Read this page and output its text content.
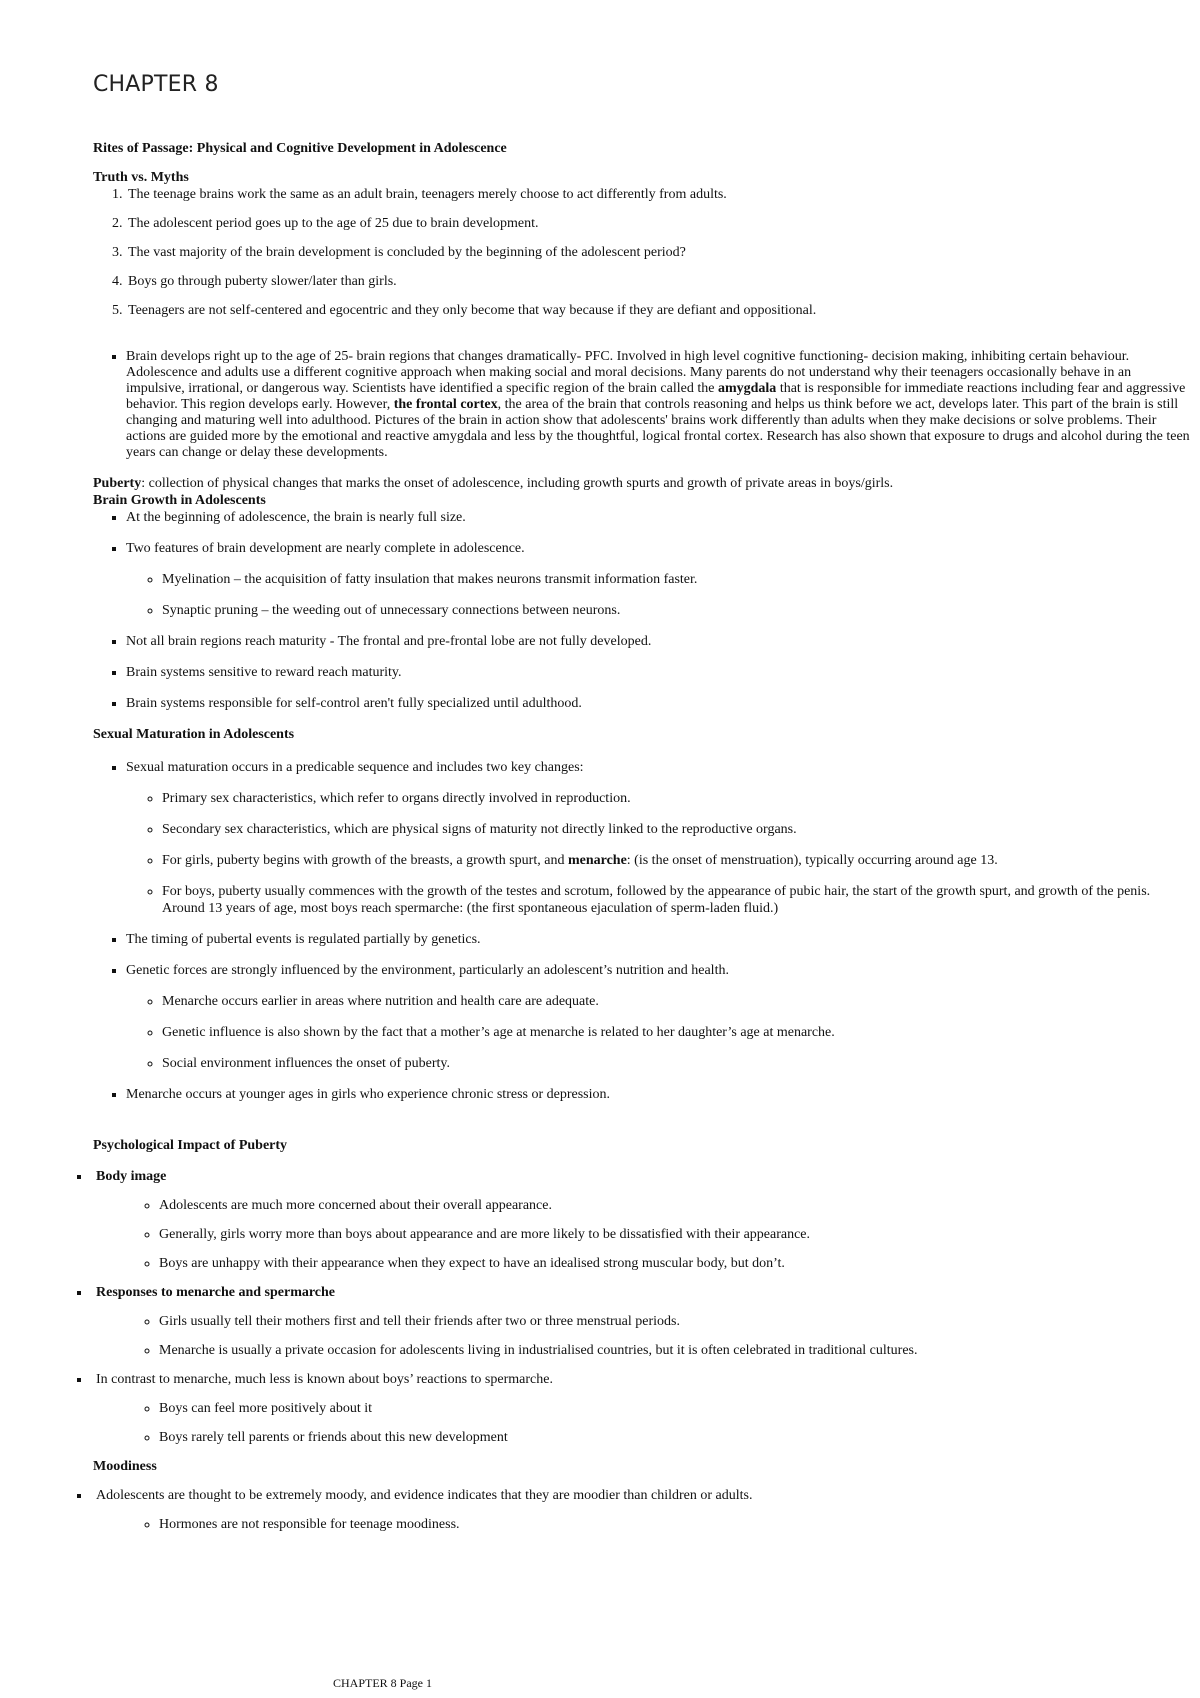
CHAPTER 8
Rites of Passage: Physical and Cognitive Development in Adolescence
Truth vs. Myths
1. The teenage brains work the same as an adult brain, teenagers merely choose to act differently from adults.
2. The adolescent period goes up to the age of 25 due to brain development.
3. The vast majority of the brain development is concluded by the beginning of the adolescent period?
4. Boys go through puberty slower/later than girls.
5. Teenagers are not self-centered and egocentric and they only become that way because if they are defiant and oppositional.
▪ Brain develops right up to the age of 25- brain regions that changes dramatically- PFC. Involved in high level cognitive functioning- decision making, inhibiting certain behaviour. Adolescence and adults use a different cognitive approach when making social and moral decisions. Many parents do not understand why their teenagers occasionally behave in an impulsive, irrational, or dangerous way. Scientists have identified a specific region of the brain called the amygdala that is responsible for immediate reactions including fear and aggressive behavior. This region develops early. However, the frontal cortex, the area of the brain that controls reasoning and helps us think before we act, develops later. This part of the brain is still changing and maturing well into adulthood. Pictures of the brain in action show that adolescents' brains work differently than adults when they make decisions or solve problems. Their actions are guided more by the emotional and reactive amygdala and less by the thoughtful, logical frontal cortex. Research has also shown that exposure to drugs and alcohol during the teen years can change or delay these developments.
Puberty: collection of physical changes that marks the onset of adolescence, including growth spurts and growth of private areas in boys/girls.
Brain Growth in Adolescents
▪ At the beginning of adolescence, the brain is nearly full size.
▪ Two features of brain development are nearly complete in adolescence.
◦ Myelination – the acquisition of fatty insulation that makes neurons transmit information faster.
◦ Synaptic pruning – the weeding out of unnecessary connections between neurons.
▪ Not all brain regions reach maturity - The frontal and pre-frontal lobe are not fully developed.
▪ Brain systems sensitive to reward reach maturity.
▪ Brain systems responsible for self-control aren't fully specialized until adulthood.
Sexual Maturation in Adolescents
▪ Sexual maturation occurs in a predicable sequence and includes two key changes:
◦ Primary sex characteristics, which refer to organs directly involved in reproduction.
◦ Secondary sex characteristics, which are physical signs of maturity not directly linked to the reproductive organs.
◦ For girls, puberty begins with growth of the breasts, a growth spurt, and menarche: (is the onset of menstruation), typically occurring around age 13.
◦ For boys, puberty usually commences with the growth of the testes and scrotum, followed by the appearance of pubic hair, the start of the growth spurt, and growth of the penis. Around 13 years of age, most boys reach spermarche: (the first spontaneous ejaculation of sperm-laden fluid.)
▪ The timing of pubertal events is regulated partially by genetics.
▪ Genetic forces are strongly influenced by the environment, particularly an adolescent’s nutrition and health.
◦ Menarche occurs earlier in areas where nutrition and health care are adequate.
◦ Genetic influence is also shown by the fact that a mother’s age at menarche is related to her daughter’s age at menarche.
◦ Social environment influences the onset of puberty.
▪ Menarche occurs at younger ages in girls who experience chronic stress or depression.
Psychological Impact of Puberty
▪ Body image
◦ Adolescents are much more concerned about their overall appearance.
◦ Generally, girls worry more than boys about appearance and are more likely to be dissatisfied with their appearance.
◦ Boys are unhappy with their appearance when they expect to have an idealised strong muscular body, but don’t.
▪ Responses to menarche and spermarche
◦ Girls usually tell their mothers first and tell their friends after two or three menstrual periods.
◦ Menarche is usually a private occasion for adolescents living in industrialised countries, but it is often celebrated in traditional cultures.
▪ In contrast to menarche, much less is known about boys’ reactions to spermarche.
◦ Boys can feel more positively about it
◦ Boys rarely tell parents or friends about this new development
Moodiness
▪ Adolescents are thought to be extremely moody, and evidence indicates that they are moodier than children or adults.
◦ Hormones are not responsible for teenage moodiness.
CHAPTER 8 Page 1
